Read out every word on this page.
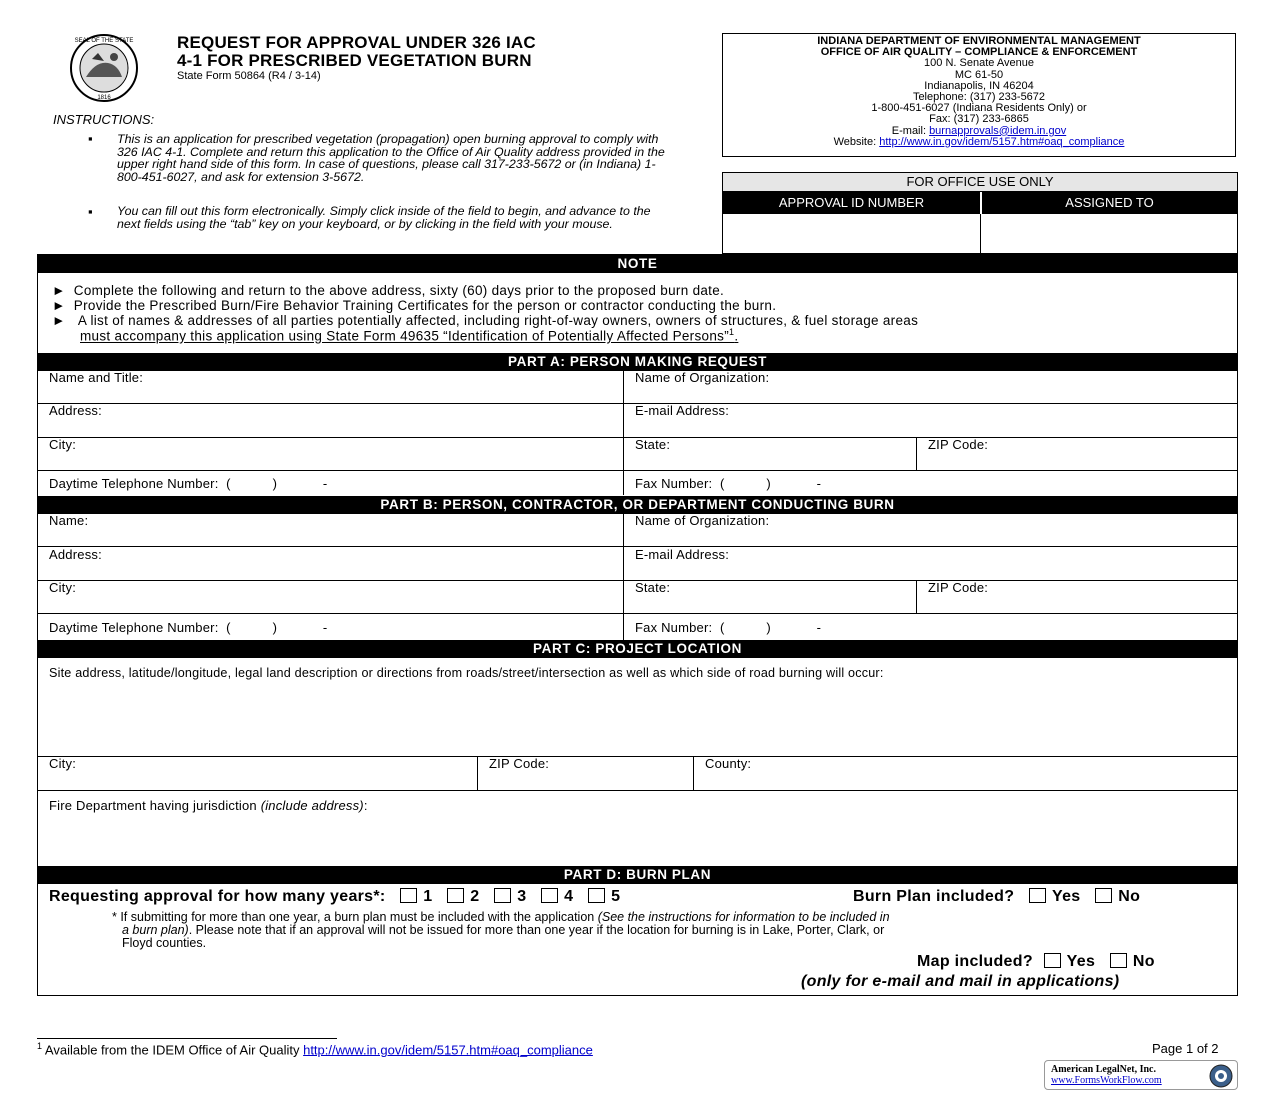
SEAL OF THE STATE
1816
REQUEST FOR APPROVAL UNDER 326 IAC
4-1 FOR PRESCRIBED VEGETATION BURN
State Form 50864 (R4 / 3-14)
INDIANA DEPARTMENT OF ENVIRONMENTAL MANAGEMENT
OFFICE OF AIR QUALITY – COMPLIANCE & ENFORCEMENT
100 N. Senate Avenue
MC 61-50
Indianapolis, IN 46204
Telephone: (317) 233-5672
1-800-451-6027 (Indiana Residents Only) or
Fax: (317) 233-6865
E-mail: burnapprovals@idem.in.gov
Website: http://www.in.gov/idem/5157.htm#oaq_compliance
INSTRUCTIONS:
▪ This is an application for prescribed vegetation (propagation) open burning approval to comply with 326 IAC 4-1. Complete and return this application to the Office of Air Quality address provided in the upper right hand side of this form. In case of questions, please call 317-233-5672 or (in Indiana) 1-800-451-6027, and ask for extension 3-5672.
▪ You can fill out this form electronically. Simply click inside of the field to begin, and advance to the next fields using the “tab” key on your keyboard, or by clicking in the field with your mouse.
FOR OFFICE USE ONLY
APPROVAL ID NUMBER	ASSIGNED TO
NOTE
► Complete the following and return to the above address, sixty (60) days prior to the proposed burn date.
► Provide the Prescribed Burn/Fire Behavior Training Certificates for the person or contractor conducting the burn.
► A list of names & addresses of all parties potentially affected, including right-of-way owners, owners of structures, & fuel storage areas
must accompany this application using State Form 49635 “Identification of Potentially Affected Persons”$^1$.
PART A: PERSON MAKING REQUEST
Name and Title:	Name of Organization:
Address:	E-mail Address:
City:	State:	ZIP Code:
Daytime Telephone Number:  (           )            -	Fax Number:  (           )            -
PART B: PERSON, CONTRACTOR, OR DEPARTMENT CONDUCTING BURN
Name:	Name of Organization:
Address:	E-mail Address:
City:	State:	ZIP Code:
Daytime Telephone Number:  (           )            -	Fax Number:  (           )            -
PART C: PROJECT LOCATION
Site address, latitude/longitude, legal land description or directions from roads/street/intersection as well as which side of road burning will occur:
City:	ZIP Code:	County:
Fire Department having jurisdiction (include address):
PART D: BURN PLAN
Requesting approval for how many years*: 1 2 3 4 5	Burn Plan included? Yes No
* If submitting for more than one year, a burn plan must be included with the application (See the instructions for information to be included in
a burn plan). Please note that if an approval will not be issued for more than one year if the location for burning is in Lake, Porter, Clark, or
Floyd counties.
Map included? Yes No
(only for e-mail and mail in applications)
$^1$ Available from the IDEM Office of Air Quality http://www.in.gov/idem/5157.htm#oaq_compliance	Page 1 of 2
American LegalNet, Inc.
www.FormsWorkFlow.com
